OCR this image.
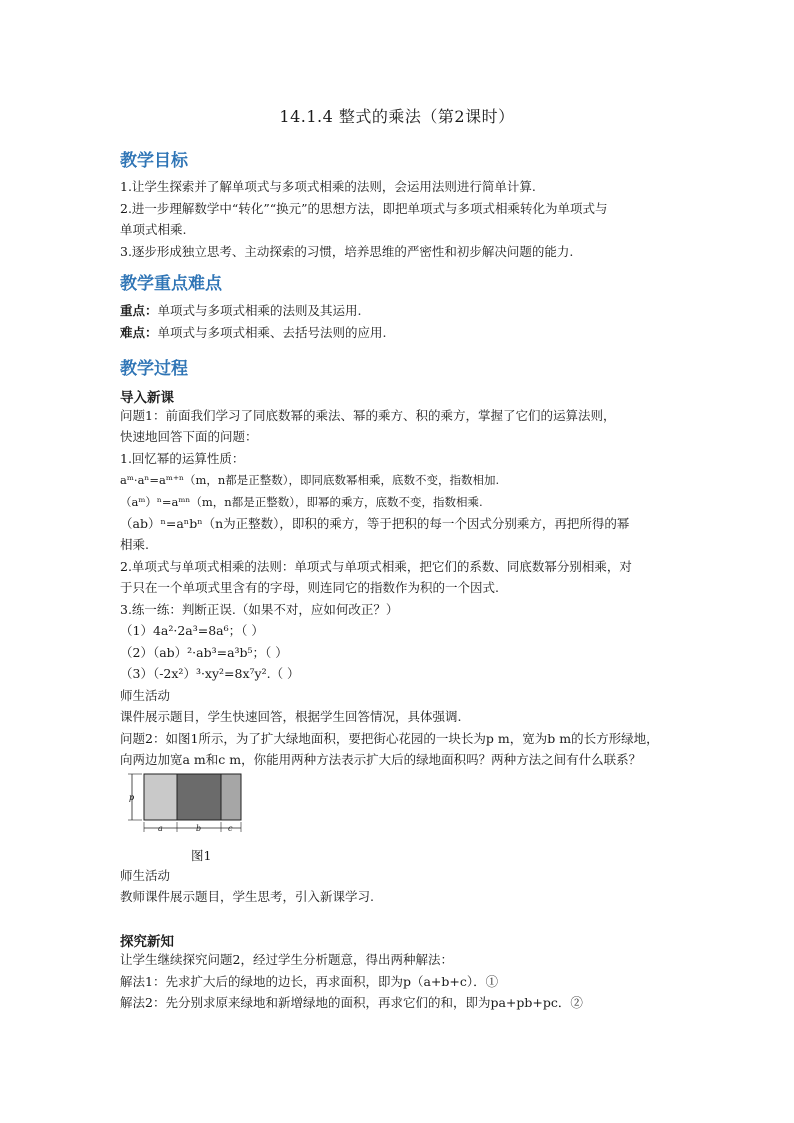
14.1.4 整式的乘法（第2课时）
教学目标
1.让学生探索并了解单项式与多项式相乘的法则，会运用法则进行简单计算.
2.进一步理解数学中“转化”“换元”的思想方法，即把单项式与多项式相乘转化为单项式与
单项式相乘.
3.逐步形成独立思考、主动探索的习惯，培养思维的严密性和初步解决问题的能力.
教学重点难点
重点：单项式与多项式相乘的法则及其运用.
难点：单项式与多项式相乘、去括号法则的应用.
教学过程
导入新课
问题1：前面我们学习了同底数幂的乘法、幂的乘方、积的乘方，掌握了它们的运算法则，
快速地回答下面的问题：
1.回忆幂的运算性质：
aᵐ·aⁿ=aᵐ⁺ⁿ（m，n都是正整数），即同底数幂相乘，底数不变，指数相加.
（aᵐ）ⁿ=aᵐⁿ（m，n都是正整数），即幂的乘方，底数不变，指数相乘.
（ab）ⁿ=aⁿbⁿ（n为正整数），即积的乘方，等于把积的每一个因式分别乘方，再把所得的幂
相乘.
2.单项式与单项式相乘的法则：单项式与单项式相乘，把它们的系数、同底数幂分别相乘，对
于只在一个单项式里含有的字母，则连同它的指数作为积的一个因式.
3.练一练：判断正误.（如果不对，应如何改正？）
（1）4a²·2a³=8a⁶；（ ）
（2）（ab）²·ab³=a³b⁵；（ ）
（3）（-2x²）³·xy²=8x⁷y².（ ）
师生活动
课件展示题目，学生快速回答，根据学生回答情况，具体强调.
问题2：如图1所示，为了扩大绿地面积，要把街心花园的一块长为p m，宽为b m的长方形绿地，
向两边加宽a m和c m，你能用两种方法表示扩大后的绿地面积吗？两种方法之间有什么联系？
p
a	b	c
图1
师生活动
教师课件展示题目，学生思考，引入新课学习.
探究新知
让学生继续探究问题2，经过学生分析题意，得出两种解法：
解法1：先求扩大后的绿地的边长，再求面积，即为p（a+b+c）．①
解法2：先分别求原来绿地和新增绿地的面积，再求它们的和，即为pa+pb+pc．②
